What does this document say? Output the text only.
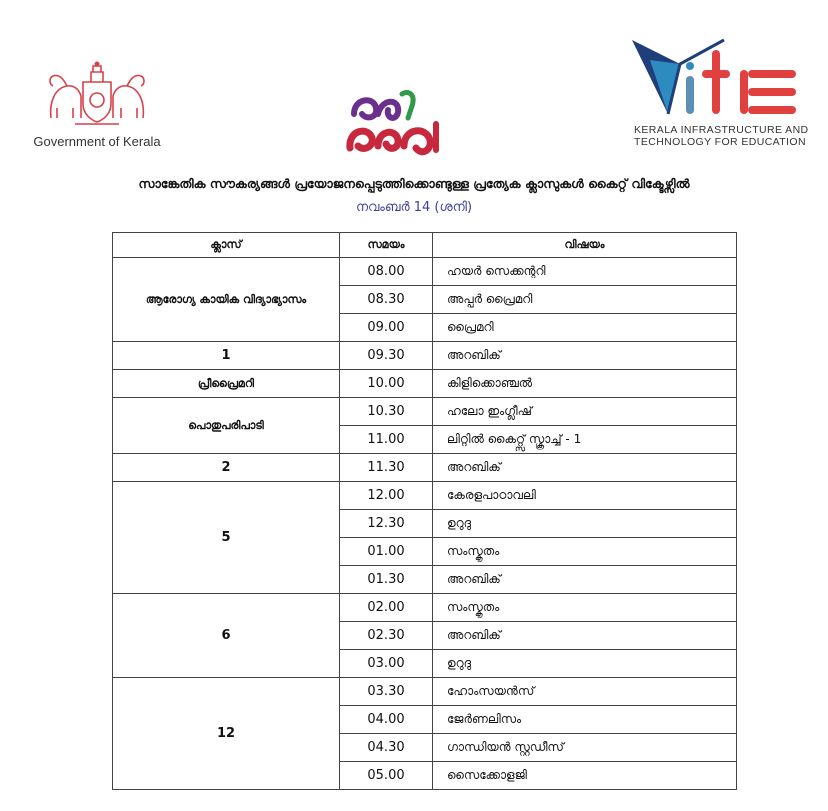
Government of Kerala
KERALA INFRASTRUCTURE AND
TECHNOLOGY FOR EDUCATION
സാങ്കേതിക സൗകര്യങ്ങൾ പ്രയോജനപ്പെടുത്തിക്കൊണ്ടുള്ള പ്രത്യേക ക്ലാസുകൾ കൈറ്റ് വിക്ടേഴ്സിൽ
നവംബർ 14 (ശനി)
ക്ലാസ്	സമയം	വിഷയം
ആരോഗ്യ കായിക വിദ്യാഭ്യാസം	08.00	ഹയർ സെക്കന്ററി
	08.30	അപ്പർ പ്രൈമറി
	09.00	പ്രൈമറി
1	09.30	അറബിക്
പ്രീപ്രൈമറി	10.00	കിളിക്കൊഞ്ചൽ
പൊതുപരിപാടി	10.30	ഹലോ ഇംഗ്ലീഷ്
	11.00	ലിറ്റിൽ കൈറ്റ്സ് സ്ക്രാച്ച് - 1
2	11.30	അറബിക്
5	12.00	കേരളപാഠാവലി
	12.30	ഉറുദു
	01.00	സംസ്കൃതം
	01.30	അറബിക്
6	02.00	സംസ്കൃതം
	02.30	അറബിക്
	03.00	ഉറുദു
12	03.30	ഹോംസയൻസ്
	04.00	ജേർണലിസം
	04.30	ഗാന്ധിയൻ സ്റ്റഡീസ്
	05.00	സൈക്കോളജി
